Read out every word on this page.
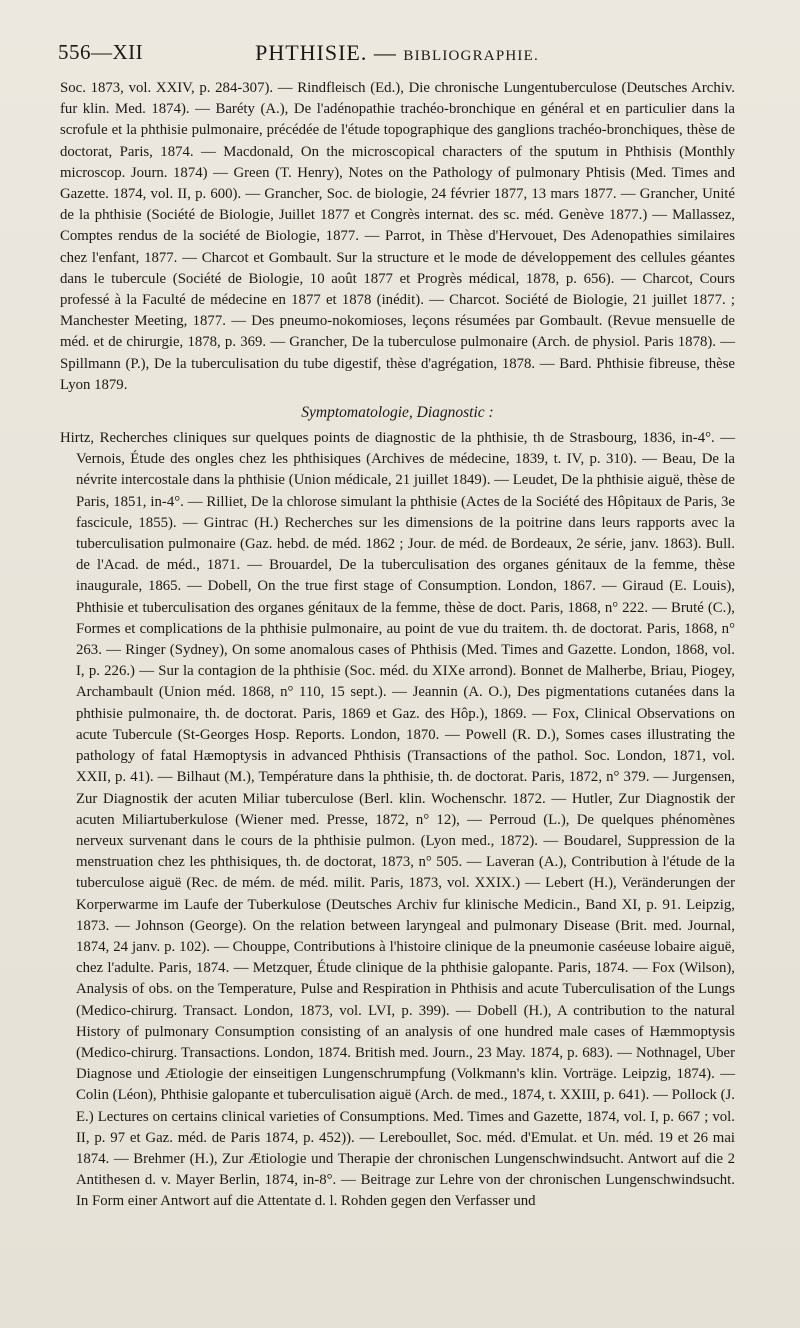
556—XII	PHTHISIE. — BIBLIOGRAPHIE.

Soc. 1873, vol. XXIV, p. 284-307). — Rindfleisch (Ed.), Die chronische Lungentuberculose (Deutsches Archiv. fur klin. Med. 1874). — Baréty (A.), De l'adénopathie trachéo-bronchique en général et en particulier dans la scrofule et la phthisie pulmonaire, précédée de l'étude topographique des ganglions trachéo-bronchiques, thèse de doctorat, Paris, 1874. — Macdonald, On the microscopical characters of the sputum in Phthisis (Monthly microscop. Journ. 1874) — Green (T. Henry), Notes on the Pathology of pulmonary Phtisis (Med. Times and Gazette. 1874, vol. II, p. 600). — Grancher, Soc. de biologie, 24 février 1877, 13 mars 1877. — Grancher, Unité de la phthisie (Société de Biologie, Juillet 1877 et Congrès internat. des sc. méd. Genève 1877.) — Mallassez, Comptes rendus de la société de Biologie, 1877. — Parrot, in Thèse d'Hervouet, Des Adenopathies similaires chez l'enfant, 1877. — Charcot et Gombault. Sur la structure et le mode de développement des cellules géantes dans le tubercule (Société de Biologie, 10 août 1877 et Progrès médical, 1878, p. 656). — Charcot, Cours professé à la Faculté de médecine en 1877 et 1878 (inédit). — Charcot. Société de Biologie, 21 juillet 1877. ; Manchester Meeting, 1877. — Des pneumo-nokomioses, leçons résumées par Gombault. (Revue mensuelle de méd. et de chirurgie, 1878, p. 369. — Grancher, De la tuberculose pulmonaire (Arch. de physiol. Paris 1878). — Spillmann (P.), De la tuberculisation du tube digestif, thèse d'agrégation, 1878. — Bard. Phthisie fibreuse, thèse Lyon 1879.

Symptomatologie, Diagnostic :

Hirtz, Recherches cliniques sur quelques points de diagnostic de la phthisie, th de Strasbourg, 1836, in-4°. — Vernois, Étude des ongles chez les phthisiques (Archives de médecine, 1839, t. IV, p. 310). — Beau, De la névrite intercostale dans la phthisie (Union médicale, 21 juillet 1849). — Leudet, De la phthisie aiguë, thèse de Paris, 1851, in-4°. — Rilliet, De la chlorose simulant la phthisie (Actes de la Société des Hôpitaux de Paris, 3e fascicule, 1855). — Gintrac (H.) Recherches sur les dimensions de la poitrine dans leurs rapports avec la tuberculisation pulmonaire (Gaz. hebd. de méd. 1862 ; Jour. de méd. de Bordeaux, 2e série, janv. 1863). Bull. de l'Acad. de méd., 1871. — Brouardel, De la tuberculisation des organes génitaux de la femme, thèse inaugurale, 1865. — Dobell, On the true first stage of Consumption. London, 1867. — Giraud (E. Louis), Phthisie et tuberculisation des organes génitaux de la femme, thèse de doct. Paris, 1868, n° 222. — Bruté (C.), Formes et complications de la phthisie pulmonaire, au point de vue du traitem. th. de doctorat. Paris, 1868, n° 263. — Ringer (Sydney), On some anomalous cases of Phthisis (Med. Times and Gazette. London, 1868, vol. I, p. 226.) — Sur la contagion de la phthisie (Soc. méd. du XIXe arrond). Bonnet de Malherbe, Briau, Piogey, Archambault (Union méd. 1868, n° 110, 15 sept.). — Jeannin (A. O.), Des pigmentations cutanées dans la phthisie pulmonaire, th. de doctorat. Paris, 1869 et Gaz. des Hôp.), 1869. — Fox, Clinical Observations on acute Tubercule (St-Georges Hosp. Reports. London, 1870. — Powell (R. D.), Somes cases illustrating the pathology of fatal Hæmoptysis in advanced Phthisis (Transactions of the pathol. Soc. London, 1871, vol. XXII, p. 41). — Bilhaut (M.), Température dans la phthisie, th. de doctorat. Paris, 1872, n° 379. — Jurgensen, Zur Diagnostik der acuten Miliar tuberculose (Berl. klin. Wochenschr. 1872. — Hutler, Zur Diagnostik der acuten Miliartuberkulose (Wiener med. Presse, 1872, n° 12), — Perroud (L.), De quelques phénomènes nerveux survenant dans le cours de la phthisie pulmon. (Lyon med., 1872). — Boudarel, Suppression de la menstruation chez les phthisiques, th. de doctorat, 1873, n° 505. — Laveran (A.), Contribution à l'étude de la tuberculose aiguë (Rec. de mém. de méd. milit. Paris, 1873, vol. XXIX.) — Lebert (H.), Veränderungen der Korperwarme im Laufe der Tuberkulose (Deutsches Archiv fur klinische Medicin., Band XI, p. 91. Leipzig, 1873. — Johnson (George). On the relation between laryngeal and pulmonary Disease (Brit. med. Journal, 1874, 24 janv. p. 102). — Chouppe, Contributions à l'histoire clinique de la pneumonie caséeuse lobaire aiguë, chez l'adulte. Paris, 1874. — Metzquer, Étude clinique de la phthisie galopante. Paris, 1874. — Fox (Wilson), Analysis of obs. on the Temperature, Pulse and Respiration in Phthisis and acute Tuberculisation of the Lungs (Medico-chirurg. Transact. London, 1873, vol. LVI, p. 399). — Dobell (H.), A contribution to the natural History of pulmonary Consumption consisting of an analysis of one hundred male cases of Hæmmoptysis (Medico-chirurg. Transactions. London, 1874. British med. Journ., 23 May. 1874, p. 683). — Nothnagel, Uber Diagnose und Ætiologie der einseitigen Lungenschrumpfung (Volkmann's klin. Vorträge. Leipzig, 1874). — Colin (Léon), Phthisie galopante et tuberculisation aiguë (Arch. de med., 1874, t. XXIII, p. 641). — Pollock (J. E.) Lectures on certains clinical varieties of Consumptions. Med. Times and Gazette, 1874, vol. I, p. 667 ; vol. II, p. 97 et Gaz. méd. de Paris 1874, p. 452)). — Lereboullet, Soc. méd. d'Emulat. et Un. méd. 19 et 26 mai 1874. — Brehmer (H.), Zur Ætiologie und Therapie der chronischen Lungenschwindsucht. Antwort auf die 2 Antithesen d. v. Mayer Berlin, 1874, in-8°. — Beitrage zur Lehre von der chronischen Lungenschwindsucht. In Form einer Antwort auf die Attentate d. l. Rohden gegen den Verfasser und
